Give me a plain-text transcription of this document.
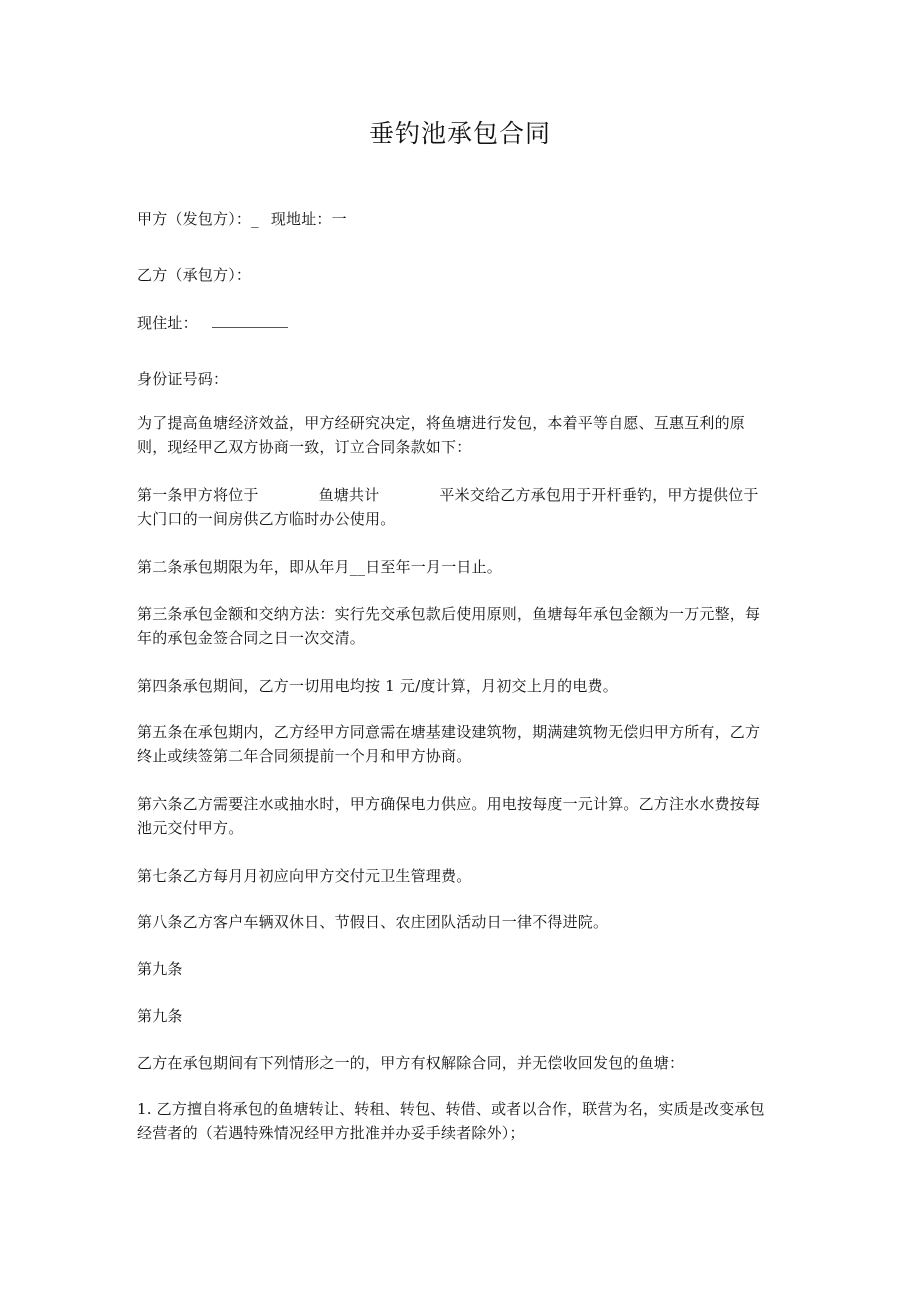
垂钓池承包合同
甲方（发包方）：_ 现地址：一
乙方（承包方）：
现住址：
身份证号码：
为了提高鱼塘经济效益，甲方经研究决定，将鱼塘进行发包，本着平等自愿、互惠互利的原
则，现经甲乙双方协商一致，订立合同条款如下：
第一条甲方将位于	鱼塘共计	平米交给乙方承包用于开杆垂钓，甲方提供位于
大门口的一间房供乙方临时办公使用。
第二条承包期限为年，即从年月__日至年一月一日止。
第三条承包金额和交纳方法：实行先交承包款后使用原则，鱼塘每年承包金额为一万元整，每
年的承包金签合同之日一次交清。
第四条承包期间，乙方一切用电均按 1 元/度计算，月初交上月的电费。
第五条在承包期内，乙方经甲方同意需在塘基建设建筑物，期满建筑物无偿归甲方所有，乙方
终止或续签第二年合同须提前一个月和甲方协商。
第六条乙方需要注水或抽水时，甲方确保电力供应。用电按每度一元计算。乙方注水水费按每
池元交付甲方。
第七条乙方每月月初应向甲方交付元卫生管理费。
第八条乙方客户车辆双休日、节假日、农庄团队活动日一律不得进院。
第九条
第九条
乙方在承包期间有下列情形之一的，甲方有权解除合同，并无偿收回发包的鱼塘：
1. 乙方擅自将承包的鱼塘转让、转租、转包、转借、或者以合作，联营为名，实质是改变承包
经营者的（若遇特殊情况经甲方批准并办妥手续者除外）；
